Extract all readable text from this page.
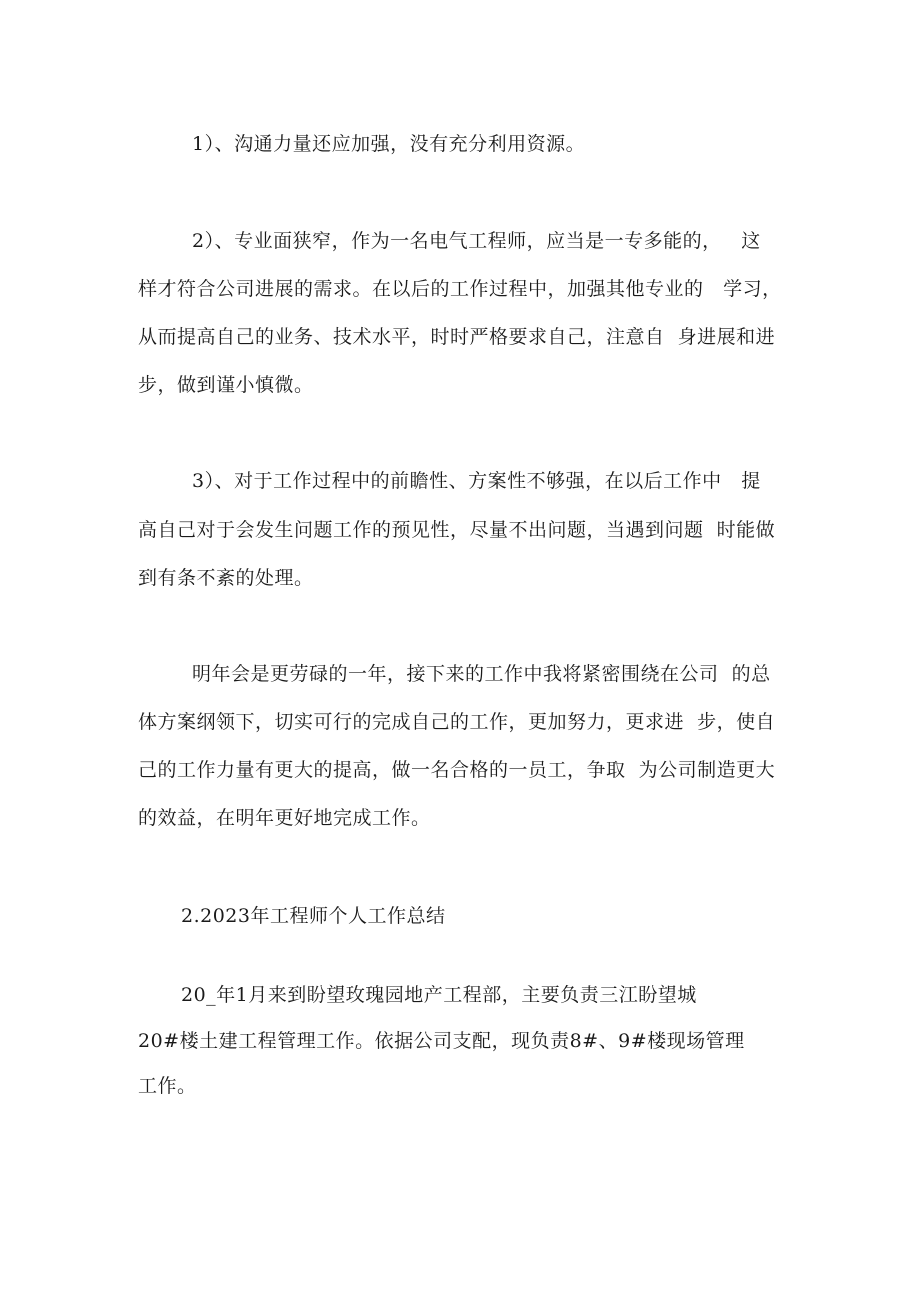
1）、沟通力量还应加强，没有充分利用资源。
2）、专业面狭窄，作为一名电气工程师，应当是一专多能的，   这
样才符合公司进展的需求。在以后的工作过程中，加强其他专业的   学习，
从而提高自己的业务、技术水平，时时严格要求自己，注意自  身进展和进
步，做到谨小慎微。
3）、对于工作过程中的前瞻性、方案性不够强，在以后工作中   提
高自己对于会发生问题工作的预见性，尽量不出问题，当遇到问题  时能做
到有条不紊的处理。
明年会是更劳碌的一年，接下来的工作中我将紧密围绕在公司  的总
体方案纲领下，切实可行的完成自己的工作，更加努力，更求进  步，使自
己的工作力量有更大的提高，做一名合格的一员工，争取  为公司制造更大
的效益，在明年更好地完成工作。
2.2023年工程师个人工作总结
20_年1月来到盼望玫瑰园地产工程部，主要负责三江盼望城
20#楼土建工程管理工作。依据公司支配，现负责8#、9#楼现场管理
工作。
